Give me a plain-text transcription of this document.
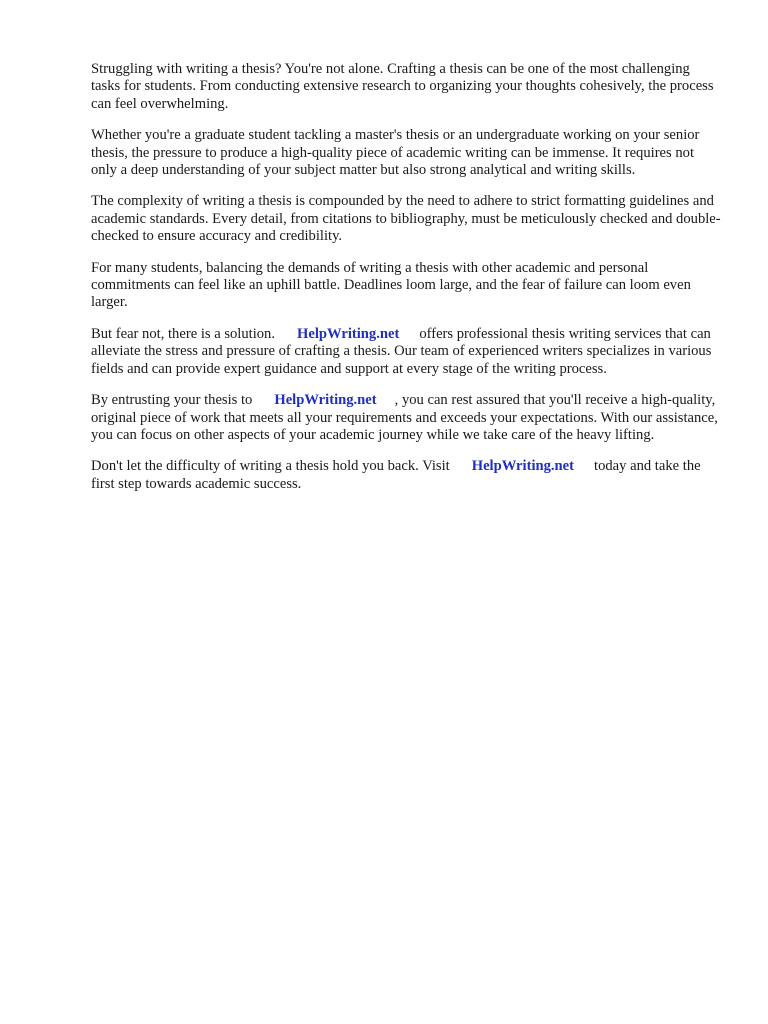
Struggling with writing a thesis? You're not alone. Crafting a thesis can be one of the most challenging tasks for students. From conducting extensive research to organizing your thoughts cohesively, the process can feel overwhelming.

Whether you're a graduate student tackling a master's thesis or an undergraduate working on your senior thesis, the pressure to produce a high-quality piece of academic writing can be immense. It requires not only a deep understanding of your subject matter but also strong analytical and writing skills.

The complexity of writing a thesis is compounded by the need to adhere to strict formatting guidelines and academic standards. Every detail, from citations to bibliography, must be meticulously checked and double-checked to ensure accuracy and credibility.

For many students, balancing the demands of writing a thesis with other academic and personal commitments can feel like an uphill battle. Deadlines loom large, and the fear of failure can loom even larger.

But fear not, there is a solution. HelpWriting.net offers professional thesis writing services that can alleviate the stress and pressure of crafting a thesis. Our team of experienced writers specializes in various fields and can provide expert guidance and support at every stage of the writing process.

By entrusting your thesis to HelpWriting.net , you can rest assured that you'll receive a high-quality, original piece of work that meets all your requirements and exceeds your expectations. With our assistance, you can focus on other aspects of your academic journey while we take care of the heavy lifting.

Don't let the difficulty of writing a thesis hold you back. Visit HelpWriting.net today and take the first step towards academic success.
